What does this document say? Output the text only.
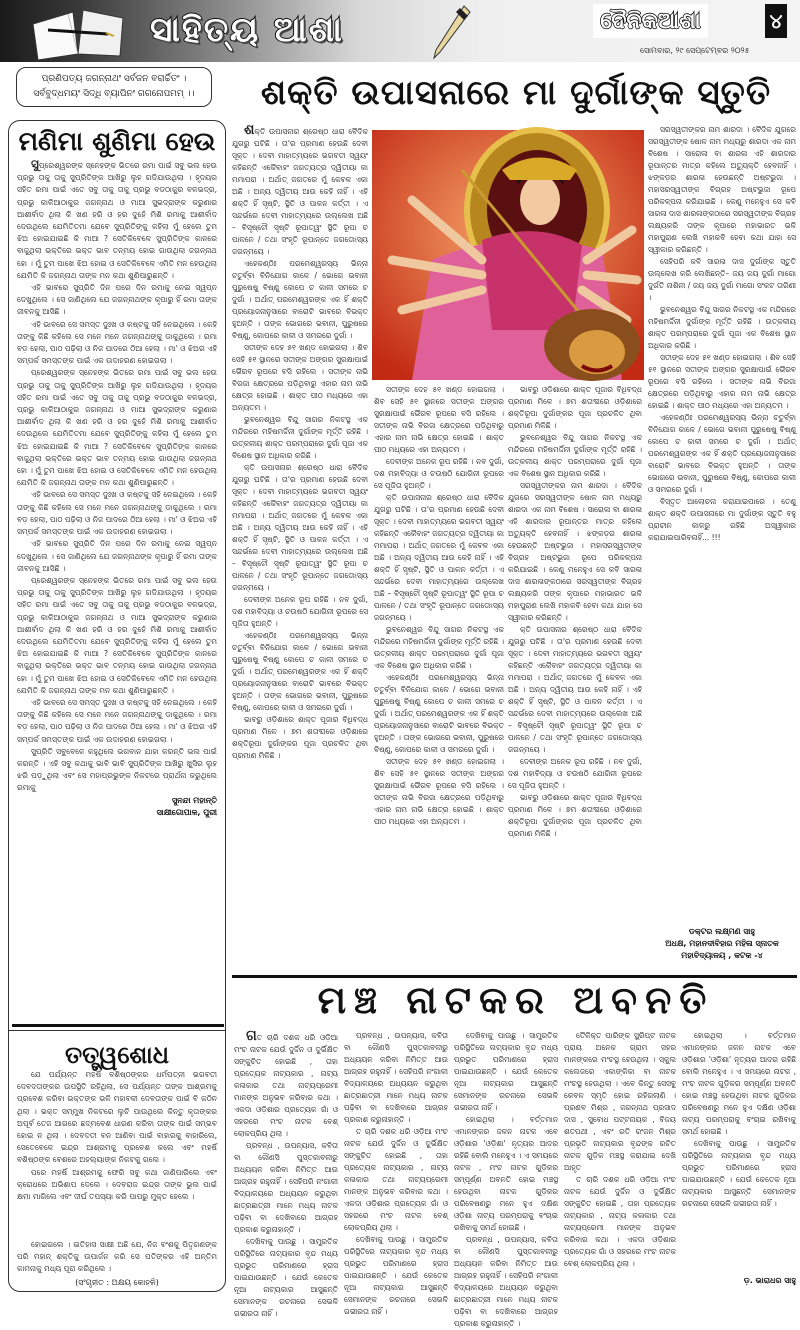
ସାହିତ୍ୟ ଆଶା	ଦୈନିକଆଶା	୪
ସୋମବାର, ୨୯ ସେପ୍ଟେମ୍ବର ୨୦୨୫
ପ୍ରଣିପତ୍ୟ ଜଗନ୍ନାଥଂ ସର୍ବଜନ ବରାର୍ଚ୍ଚିତଂ ।
ସର୍ବବୁଦ୍ଧମୟଂ ସିଦ୍ଧି ବ୍ୟାପିନଂ ଗଗନୋପମମ୍ ।।	ଶକ୍ତି ଉପାସନାରେ ମା ଦୁର୍ଗାଙ୍କ ସ୍ତୁତି
ମଣିମା ଶୁଣିମା ହେଉ

ସୁପ୍ରେଶ୍ୱରଙ୍କ ସ୍ନେହଙ୍କ ଭିତରେ ରମା ପାଇଁ ସବୁ ଭଲ ହେଉ ପ୍ରଭୁ ତାକୁ ତାକୁ ସୁପ୍ରିତିଙ୍କ ଆଖିରୁ ଲୁହ ଗଡିଯାଉଥିଲା । ହୃଦୟର ସହିତ ରମା ପାଇଁ ଏତେ ସବୁ ତାକୁ ତାକୁ ପ୍ରଭୁ ବଡଠାକୁର ବଳଭଦ୍ର, ପ୍ରଭୁ କାଳିଆଠାକୁର ଜଗନ୍ନାଥ ଓ ମାଆ ସୁଭଦ୍ରାଙ୍କ କରୁଣାର ଆଶୀର୍ବାଦ ଥିଲା କି ଖଣ ହରି ଓ ହର ଦୁହେଁ ମିଶି ରମାକୁ ଆଶୀର୍ବାଦ ଦେଉଥିଲେ ଯେମିତିତମା ଯେବେ ସୁପ୍ରିତିଙ୍କୁ କହିଲା ମୁଁ ହେଲେ ତୁମ ଝିଅ ହୋଇଯାଇଛି କି ମାଆ ? ସେତିକିବେଳେ ସୁପ୍ରିତିଙ୍କ କାନରେ ବାଜୁଥିଲା ଭକ୍ତିରେ ଭକ୍ତ ଭାବ ତନ୍ମୟ ହୋଇ ଗାଉଥିଲା ଜଗନ୍ନାଥ ହୋ । ମୁଁ ତୁମ ପାଖେ ଝିଅ ହୋଇ ଓ ସେତିକିବେଳେ ଏମିତି ମନ ହେଉଥିଲା ଯେମିତି କି ଜଗନ୍ନାଥ ତାଙ୍କ ମନ କଥା ଶୁଣିପାରୁଛନ୍ତି ।

ଏହି ଭାବରେ ସୁପ୍ରିତି ଦିନ ପରେ ଦିନ ରମାକୁ ନେଇ ସ୍ୱପ୍ନ ଦେଖୁଥିଲେ । ସେ ଜାଣିଥିଲେ ଯେ ଜଗନ୍ନାଥଙ୍କ କୃପାରୁ ହିଁ ରମା ତାଙ୍କ ଜୀବନକୁ ଆସିଛି ।

ଏହି ଭାବରେ ସେ ସମସ୍ତ ଦୁଃଖ ଓ କଷ୍ଟକୁ ସହି ନେଇଥିଲେ । କେହି ତାଙ୍କୁ କିଛି କହିଲେ ସେ ମନେ ମନେ ଜଗନ୍ନାଥଙ୍କୁ ଡାକୁଥିଲେ । ରମା ବଡ଼ ହେଲା, ପାଠ ପଢ଼ିଲା ଓ ନିଜ ପାଦରେ ଠିଆ ହେଲା । ମା' ଓ ଝିଅର ଏହି ସମ୍ପର୍କ ସମସ୍ତଙ୍କ ପାଇଁ ଏକ ଉଦାହରଣ ହୋଇଗଲା ।

ପ୍ରେଶ୍ୱରଙ୍କ ସ୍ନେହଙ୍କ ଭିତରେ ରମା ପାଇଁ ସବୁ ଭଲ ହେଉ ପ୍ରଭୁ ତାକୁ ତାକୁ ସୁପ୍ରିତିଙ୍କ ଆଖିରୁ ଲୁହ ଗଡିଯାଉଥିଲା । ହୃଦୟର ସହିତ ରମା ପାଇଁ ଏତେ ସବୁ ତାକୁ ତାକୁ ପ୍ରଭୁ ବଡଠାକୁର ବଳଭଦ୍ର, ପ୍ରଭୁ କାଳିଆଠାକୁର ଜଗନ୍ନାଥ ଓ ମାଆ ସୁଭଦ୍ରାଙ୍କ କରୁଣାର ଆଶୀର୍ବାଦ ଥିଲା କି ଖଣ ହରି ଓ ହର ଦୁହେଁ ମିଶି ରମାକୁ ଆଶୀର୍ବାଦ ଦେଉଥିଲେ ଯେମିତିତମା ଯେବେ ସୁପ୍ରିତିଙ୍କୁ କହିଲା ମୁଁ ହେଲେ ତୁମ ଝିଅ ହୋଇଯାଇଛି କି ମାଆ ? ସେତିକିବେଳେ ସୁପ୍ରିତିଙ୍କ କାନରେ ବାଜୁଥିଲା ଭକ୍ତିରେ ଭକ୍ତ ଭାବ ତନ୍ମୟ ହୋଇ ଗାଉଥିଲା ଜଗନ୍ନାଥ ହୋ । ମୁଁ ତୁମ ପାଖେ ଝିଅ ହୋଇ ଓ ସେତିକିବେଳେ ଏମିତି ମନ ହେଉଥିଲା ଯେମିତି କି ଜଗନ୍ନାଥ ତାଙ୍କ ମନ କଥା ଶୁଣିପାରୁଛନ୍ତି ।

ଏହି ଭାବରେ ସେ ସମସ୍ତ ଦୁଃଖ ଓ କଷ୍ଟକୁ ସହି ନେଇଥିଲେ । କେହି ତାଙ୍କୁ କିଛି କହିଲେ ସେ ମନେ ମନେ ଜଗନ୍ନାଥଙ୍କୁ ଡାକୁଥିଲେ । ରମା ବଡ଼ ହେଲା, ପାଠ ପଢ଼ିଲା ଓ ନିଜ ପାଦରେ ଠିଆ ହେଲା । ମା' ଓ ଝିଅର ଏହି ସମ୍ପର୍କ ସମସ୍ତଙ୍କ ପାଇଁ ଏକ ଉଦାହରଣ ହୋଇଗଲା ।

ଏହି ଭାବରେ ସୁପ୍ରିତି ଦିନ ପରେ ଦିନ ରମାକୁ ନେଇ ସ୍ୱପ୍ନ ଦେଖୁଥିଲେ । ସେ ଜାଣିଥିଲେ ଯେ ଜଗନ୍ନାଥଙ୍କ କୃପାରୁ ହିଁ ରମା ତାଙ୍କ ଜୀବନକୁ ଆସିଛି ।

ପ୍ରେଶ୍ୱରଙ୍କ ସ୍ନେହଙ୍କ ଭିତରେ ରମା ପାଇଁ ସବୁ ଭଲ ହେଉ ପ୍ରଭୁ ତାକୁ ତାକୁ ସୁପ୍ରିତିଙ୍କ ଆଖିରୁ ଲୁହ ଗଡିଯାଉଥିଲା । ହୃଦୟର ସହିତ ରମା ପାଇଁ ଏତେ ସବୁ ତାକୁ ତାକୁ ପ୍ରଭୁ ବଡଠାକୁର ବଳଭଦ୍ର, ପ୍ରଭୁ କାଳିଆଠାକୁର ଜଗନ୍ନାଥ ଓ ମାଆ ସୁଭଦ୍ରାଙ୍କ କରୁଣାର ଆଶୀର୍ବାଦ ଥିଲା କି ଖଣ ହରି ଓ ହର ଦୁହେଁ ମିଶି ରମାକୁ ଆଶୀର୍ବାଦ ଦେଉଥିଲେ ଯେମିତିତମା ଯେବେ ସୁପ୍ରିତିଙ୍କୁ କହିଲା ମୁଁ ହେଲେ ତୁମ ଝିଅ ହୋଇଯାଇଛି କି ମାଆ ? ସେତିକିବେଳେ ସୁପ୍ରିତିଙ୍କ କାନରେ ବାଜୁଥିଲା ଭକ୍ତିରେ ଭକ୍ତ ଭାବ ତନ୍ମୟ ହୋଇ ଗାଉଥିଲା ଜଗନ୍ନାଥ ହୋ । ମୁଁ ତୁମ ପାଖେ ଝିଅ ହୋଇ ଓ ସେତିକିବେଳେ ଏମିତି ମନ ହେଉଥିଲା ଯେମିତି କି ଜଗନ୍ନାଥ ତାଙ୍କ ମନ କଥା ଶୁଣିପାରୁଛନ୍ତି ।

ଏହି ଭାବରେ ସେ ସମସ୍ତ ଦୁଃଖ ଓ କଷ୍ଟକୁ ସହି ନେଇଥିଲେ । କେହି ତାଙ୍କୁ କିଛି କହିଲେ ସେ ମନେ ମନେ ଜଗନ୍ନାଥଙ୍କୁ ଡାକୁଥିଲେ । ରମା ବଡ଼ ହେଲା, ପାଠ ପଢ଼ିଲା ଓ ନିଜ ପାଦରେ ଠିଆ ହେଲା । ମା' ଓ ଝିଅର ଏହି ସମ୍ପର୍କ ସମସ୍ତଙ୍କ ପାଇଁ ଏକ ଉଦାହରଣ ହୋଇଗଲା ।

ସୁପ୍ରିତି ସବୁବେଳେ କହୁଥିଲେ ଭଗବାନ ଯାହା କରନ୍ତି ଭଲ ପାଇଁ କରନ୍ତି । ଏହି ସବୁ କଥାକୁ ଭାବି ଭାବି ସୁପ୍ରିତିଙ୍କ ଆଖିରୁ ଖୁସିର ଲୁହ ଝରି ପଡ଼ୁଥିଲା ଏବଂ ସେ ମହାପ୍ରଭୁଙ୍କ ନିକଟରେ ପ୍ରାର୍ଥନା କରୁଥିଲେ ରମାକୁ

ସୁନନ୍ଦା ମହାନ୍ତି
ସାକ୍ଷୀଗୋପାଳ, ପୁରୀ
ତତ୍ତ୍ୱଶୋଧ

ଯେ ପର୍ଯ୍ୟନ୍ତ ମହର୍ଷି ବଶିଷ୍ଠଙ୍କର ଧର୍ମପତ୍ନୀ ଭଗବତୀ ଦେବଦତାଙ୍କର ଉପସ୍ଥିତି ରହିଥିଲା, ସେ ପର୍ଯ୍ୟନ୍ତ ତାଙ୍କ ଆଶ୍ରମକୁ ପ୍ରବେଶ କରିବା ଭକ୍ତଙ୍କ ଭଳି ମହାବଳୀ ଦେବତାଙ୍କ ପାଇଁ ବି କଠିନ ଥିଲା । ଭକ୍ତ ସମ୍ମୁଖ ନିକଟରେ ଲୁଚି ପାଉଥିଲେ କିନ୍ତୁ କୃତାଙ୍କର ଅପୂର୍ବ ତେଜ ଆଗରେ ଛଦ୍ମବେଶ ଧାରଣ କରିବା ତାଙ୍କ ପାଇଁ ସମ୍ଭବ ହୋଇ ନ ଥିଲା । ଦେବଦତୀ ବନ ଆଣିବା ପାଇଁ ବାହାରକୁ ବାହାରିଲେ, ସେତେବେଳେ ଇନ୍ଦ୍ର ଆଶ୍ରମକୁ ପ୍ରବେଶ କଲେ ଏବଂ ମହର୍ଷି ବଶିଷ୍ଠଙ୍କ ବେଶରେ ଅହଲ୍ୟାଙ୍କ ନିକଟକୁ ଗଲେ ।

ପରେ ମହର୍ଷି ଆଶ୍ରମକୁ ଫେରି ସବୁ କଥା ଜାଣିପାରିଲେ ଏବଂ କ୍ରୋଧରେ ଅଭିଶାପ ଦେଲେ । ଦେବରାଜ ଇନ୍ଦ୍ର ତାଙ୍କ ଭୁଲ ପାଇଁ କ୍ଷମା ମାଗିଲେ ଏବଂ ଦୀର୍ଘ ତପସ୍ୟା କରି ପାପରୁ ମୁକ୍ତ ହେଲେ ।

ହୋଇଗଲେ । ଇତିହାସ ସାକ୍ଷୀ ଅଛି ଯେ, ନିଜ ବଂଶକୁ ପିତୃଗଣଙ୍କ ପରି ମହାନ୍ ଶକ୍ତିକୁ ଉପାର୍ଜନ କରି ସେ ପତିଙ୍କର ଏହି ଅନ୍ତିମ କାମନାକୁ ମଧ୍ୟ ପୂରା କରିଥିଲେ ।

(ସଂଗୃହୀତ : ଅକ୍ଷୟ କୋହଳି)

ଶକ୍ତି ଉପାସନାର ଶ୍ରେଷ୍ଠ ଧାରା ବୈଦିକ ଯୁଗରୁ ଘଟିଛି । ତା'ର ପ୍ରମାଣ ହେଉଛି ଦେବୀ ସୂକ୍ତ । ଦେବୀ ମାହାତ୍ମ୍ୟରେ ଭଗବତୀ ସ୍ୱୟଂ କହିଛନ୍ତି ଏକୈବାହଂ ଜଗତ୍ୟତ୍ର ଦ୍ୱିତୀୟା କା ମମାପରା । ଅର୍ଥାତ୍ ଜଗତରେ ମୁଁ କେବଳ ଏକା ଅଛି । ଅନ୍ୟ ଦ୍ୱିତୀୟ ଆଉ କେହି ନାହିଁ । ଏହି ଶକ୍ତି ହିଁ ସୃଷ୍ଟି, ସ୍ଥିତି ଓ ପାଳନ କର୍ତ୍ତୀ । ଏ ସନ୍ଦର୍ଭରେ ଦେବୀ ମାହାତ୍ମ୍ୟରେ ଉଲ୍ଲେଖ ଅଛି – ବିସୃଷ୍ଟୌ ସୃଷ୍ଟି ରୂପାତ୍ୱଂ ସ୍ଥିତି ରୂପା ଚ ପାଳନେ / ତଥା ସଂହୃତି ରୂପାନ୍ତେ ଜଗତୋଽସ୍ୟ ଜଗନ୍ମୟେ ।

ଏହେକଣ୍ଠିଃ ପରମେଶ୍ୱରସ୍ୟ ଭିନ୍ନା ଚତୁର୍ବ୍ବା ବିନିଯୋଗ କାଳେ / ଭୋଗେ ଭବାନୀ ପୁରୁଷେଷୁ ବିଷ୍ଣୁ କୋପେ ଚ କାଳୀ ସମରେ ଚ ଦୁର୍ଗା । ଅର୍ଥାତ୍ ପରମେଶ୍ୱରଙ୍କ ଏକ ହିଁ ଶକ୍ତି ପ୍ରୟୋଜନାନୁସାରେ ବାରୋଟି ଭାବରେ ବିଭକ୍ତ ହୁଅନ୍ତି । ତାଙ୍କ ଭୋଗରେ ଭବାନୀ, ପୁରୁଷରେ ବିଷ୍ଣୁ, କୋପରେ କାଳୀ ଓ ସମରରେ ଦୁର୍ଗା ।

ସତୀଙ୍କ ଦେହ ୫୧ ଖଣ୍ଡ ହୋଇଗଲା । ଶିବ ସେହି ୫୧ ସ୍ଥାନରେ ସତୀଙ୍କ ଅଙ୍ଗର ସୁରକ୍ଷାପାଇଁ ଭୈରବ ରୂପରେ ବସି ରହିଲେ । ସତୀଙ୍କ ନାଭି ବିରଜା କ୍ଷେତ୍ରରେ ପଡ଼ିଥିବାରୁ ଏହାର ନାମ ନାଭି କ୍ଷେତ୍ର ହୋଇଛି । ଶାକ୍ତ ପୀଠ ମଧ୍ୟରେ ଏହା ଅନ୍ୟତମ ।

ଭୁବନେଶ୍ୱର ବିନ୍ଦୁ ସାଗର ନିକଟସ୍ଥ ଏକ ମନ୍ଦିରରେ ମହିଷମର୍ଦ୍ଦିନୀ ଦୁର୍ଗାଙ୍କ ମୂର୍ତ୍ତି ରହିଛି । ଉତ୍କଳୀୟ ଶାକ୍ତ ପରମ୍ପରାରେ ଦୁର୍ଗା ପୂଜା ଏକ ବିଶେଷ ସ୍ଥାନ ଅଧିକାର କରିଛି ।

କ୍ତି ଉପାସନାର ଶ୍ରେଷ୍ଠ ଧାରା ବୈଦିକ ଯୁଗରୁ ଘଟିଛି । ତା'ର ପ୍ରମାଣ ହେଉଛି ଦେବୀ ସୂକ୍ତ । ଦେବୀ ମାହାତ୍ମ୍ୟରେ ଭଗବତୀ ସ୍ୱୟଂ କହିଛନ୍ତି ଏକୈବାହଂ ଜଗତ୍ୟତ୍ର ଦ୍ୱିତୀୟା କା ମମାପରା । ଅର୍ଥାତ୍ ଜଗତରେ ମୁଁ କେବଳ ଏକା ଅଛି । ଅନ୍ୟ ଦ୍ୱିତୀୟ ଆଉ କେହି ନାହିଁ । ଏହି ଶକ୍ତି ହିଁ ସୃଷ୍ଟି, ସ୍ଥିତି ଓ ପାଳନ କର୍ତ୍ତୀ । ଏ ସନ୍ଦର୍ଭରେ ଦେବୀ ମାହାତ୍ମ୍ୟରେ ଉଲ୍ଲେଖ ଅଛି – ବିସୃଷ୍ଟୌ ସୃଷ୍ଟି ରୂପାତ୍ୱଂ ସ୍ଥିତି ରୂପା ଚ ପାଳନେ / ତଥା ସଂହୃତି ରୂପାନ୍ତେ ଜଗତୋଽସ୍ୟ ଜଗନ୍ମୟେ ।

ଦେବୀଙ୍କ ଅନେକ ରୂପ ରହିଛି । ନବ ଦୁର୍ଗା, ଦଶ ମହାବିଦ୍ୟା ଓ ଚଉଷଠି ଯୋଗିନୀ ରୂପରେ ସେ ପୂଜିତା ହୁଅନ୍ତି ।

ଏହେକଣ୍ଠିଃ ପରମେଶ୍ୱରସ୍ୟ ଭିନ୍ନା ଚତୁର୍ବ୍ବା ବିନିଯୋଗ କାଳେ / ଭୋଗେ ଭବାନୀ ପୁରୁଷେଷୁ ବିଷ୍ଣୁ କୋପେ ଚ କାଳୀ ସମରେ ଚ ଦୁର୍ଗା । ଅର୍ଥାତ୍ ପରମେଶ୍ୱରଙ୍କ ଏକ ହିଁ ଶକ୍ତି ପ୍ରୟୋଜନାନୁସାରେ ବାରୋଟି ଭାବରେ ବିଭକ୍ତ ହୁଅନ୍ତି । ତାଙ୍କ ଭୋଗରେ ଭବାନୀ, ପୁରୁଷରେ ବିଷ୍ଣୁ, କୋପରେ କାଳୀ ଓ ସମରରେ ଦୁର୍ଗା ।

ଭାବରୁ ଓଡ଼ିଶାରେ ଶାକ୍ତ ପୂଜାର ବିଧିବଦ୍ଧ ପ୍ରମାଣ ମିଳେ । ୭ମ ଶତାବ୍ଦୀରେ ଓଡ଼ିଶାରେ ଶକ୍ତିରୂପା ଦୁର୍ଗାଙ୍କର ପୂଜା ପ୍ରଚଳିତ ଥିବା ପ୍ରମାଣ ମିଳିଛି ।

ସତୀଙ୍କ ଦେହ ୫୧ ଖଣ୍ଡ ହୋଇଗଲା । ଶିବ ସେହି ୫୧ ସ୍ଥାନରେ ସତୀଙ୍କ ଅଙ୍ଗର ସୁରକ୍ଷାପାଇଁ ଭୈରବ ରୂପରେ ବସି ରହିଲେ । ସତୀଙ୍କ ନାଭି ବିରଜା କ୍ଷେତ୍ରରେ ପଡ଼ିଥିବାରୁ ଏହାର ନାମ ନାଭି କ୍ଷେତ୍ର ହୋଇଛି । ଶାକ୍ତ ପୀଠ ମଧ୍ୟରେ ଏହା ଅନ୍ୟତମ ।

ଦେବୀଙ୍କ ଅନେକ ରୂପ ରହିଛି । ନବ ଦୁର୍ଗା, ଦଶ ମହାବିଦ୍ୟା ଓ ଚଉଷଠି ଯୋଗିନୀ ରୂପରେ ସେ ପୂଜିତା ହୁଅନ୍ତି ।

କ୍ତି ଉପାସନାର ଶ୍ରେଷ୍ଠ ଧାରା ବୈଦିକ ଯୁଗରୁ ଘଟିଛି । ତା'ର ପ୍ରମାଣ ହେଉଛି ଦେବୀ ସୂକ୍ତ । ଦେବୀ ମାହାତ୍ମ୍ୟରେ ଭଗବତୀ ସ୍ୱୟଂ କହିଛନ୍ତି ଏକୈବାହଂ ଜଗତ୍ୟତ୍ର ଦ୍ୱିତୀୟା କା ମମାପରା । ଅର୍ଥାତ୍ ଜଗତରେ ମୁଁ କେବଳ ଏକା ଅଛି । ଅନ୍ୟ ଦ୍ୱିତୀୟ ଆଉ କେହି ନାହିଁ । ଏହି ଶକ୍ତି ହିଁ ସୃଷ୍ଟି, ସ୍ଥିତି ଓ ପାଳନ କର୍ତ୍ତୀ । ଏ ସନ୍ଦର୍ଭରେ ଦେବୀ ମାହାତ୍ମ୍ୟରେ ଉଲ୍ଲେଖ ଅଛି – ବିସୃଷ୍ଟୌ ସୃଷ୍ଟି ରୂପାତ୍ୱଂ ସ୍ଥିତି ରୂପା ଚ ପାଳନେ / ତଥା ସଂହୃତି ରୂପାନ୍ତେ ଜଗତୋଽସ୍ୟ ଜଗନ୍ମୟେ ।

ଭୁବନେଶ୍ୱର ବିନ୍ଦୁ ସାଗର ନିକଟସ୍ଥ ଏକ ମନ୍ଦିରରେ ମହିଷମର୍ଦ୍ଦିନୀ ଦୁର୍ଗାଙ୍କ ମୂର୍ତ୍ତି ରହିଛି । ଉତ୍କଳୀୟ ଶାକ୍ତ ପରମ୍ପରାରେ ଦୁର୍ଗା ପୂଜା ଏକ ବିଶେଷ ସ୍ଥାନ ଅଧିକାର କରିଛି ।

ଏହେକଣ୍ଠିଃ ପରମେଶ୍ୱରସ୍ୟ ଭିନ୍ନା ଚତୁର୍ବ୍ବା ବିନିଯୋଗ କାଳେ / ଭୋଗେ ଭବାନୀ ପୁରୁଷେଷୁ ବିଷ୍ଣୁ କୋପେ ଚ କାଳୀ ସମରେ ଚ ଦୁର୍ଗା । ଅର୍ଥାତ୍ ପରମେଶ୍ୱରଙ୍କ ଏକ ହିଁ ଶକ୍ତି ପ୍ରୟୋଜନାନୁସାରେ ବାରୋଟି ଭାବରେ ବିଭକ୍ତ ହୁଅନ୍ତି । ତାଙ୍କ ଭୋଗରେ ଭବାନୀ, ପୁରୁଷରେ ବିଷ୍ଣୁ, କୋପରେ କାଳୀ ଓ ସମରରେ ଦୁର୍ଗା ।

ସତୀଙ୍କ ଦେହ ୫୧ ଖଣ୍ଡ ହୋଇଗଲା । ଶିବ ସେହି ୫୧ ସ୍ଥାନରେ ସତୀଙ୍କ ଅଙ୍ଗର ସୁରକ୍ଷାପାଇଁ ଭୈରବ ରୂପରେ ବସି ରହିଲେ । ସତୀଙ୍କ ନାଭି ବିରଜା କ୍ଷେତ୍ରରେ ପଡ଼ିଥିବାରୁ ଏହାର ନାମ ନାଭି କ୍ଷେତ୍ର ହୋଇଛି । ଶାକ୍ତ ପୀଠ ମଧ୍ୟରେ ଏହା ଅନ୍ୟତମ ।

ଭାବରୁ ଓଡ଼ିଶାରେ ଶାକ୍ତ ପୂଜାର ବିଧିବଦ୍ଧ ପ୍ରମାଣ ମିଳେ । ୭ମ ଶତାବ୍ଦୀରେ ଓଡ଼ିଶାରେ ଶକ୍ତିରୂପା ଦୁର୍ଗାଙ୍କର ପୂଜା ପ୍ରଚଳିତ ଥିବା ପ୍ରମାଣ ମିଳିଛି ।

ଭୁବନେଶ୍ୱର ବିନ୍ଦୁ ସାଗର ନିକଟସ୍ଥ ଏକ ମନ୍ଦିରରେ ମହିଷମର୍ଦ୍ଦିନୀ ଦୁର୍ଗାଙ୍କ ମୂର୍ତ୍ତି ରହିଛି । ଉତ୍କଳୀୟ ଶାକ୍ତ ପରମ୍ପରାରେ ଦୁର୍ଗା ପୂଜା ଏକ ବିଶେଷ ସ୍ଥାନ ଅଧିକାର କରିଛି ।

ସରସ୍ୱତୀଙ୍କର ନାମ ଶାରଦା । ବୈଦିକ ଯୁଗରେ ସରସ୍ୱତୀଙ୍କ ଷୋଳ ନାମ ମଧ୍ୟରୁ ଶାରଦା ଏକ ନାମ ବିଶେଷ । ସାରୋଳା ବା ଶାରଳା ଏହି ଶାରଦାର ରୂପାନ୍ତର ମାତ୍ର କହିଲେ ଅତ୍ୟୁକ୍ତି ହେବନାହିଁ । ଝଙ୍କଡ଼ର ଶାରଳା ହେଉଛନ୍ତି ଅଷ୍ଟଭୁଜା । ମହାସରସ୍ୱତୀଙ୍କ ବିଗ୍ରହ ଅଷ୍ଟଭୁଜା ରୂପେ ପରିକଳ୍ପନା କରିଯାଇଛି । କେଣୁ ମନେହୁଏ ସେ କବି ସାରଳା ଦାସ ଶାରଳାଙ୍କଠାରେ ସରସ୍ୱତୀଙ୍କ ବିଗ୍ରହ ଲକ୍ଷ୍ୟକରି ତାଙ୍କ କୃପାରେ ମହାଭାରତ ଭଳି ମହାପୁରାଣ ଲେଖି ମହାକବି ହେବା କଥା ଯାହା ସେ ସ୍ୱୀକାର କରିଛନ୍ତି ।

କ୍ତି ଉପାସନାର ଶ୍ରେଷ୍ଠ ଧାରା ବୈଦିକ ଯୁଗରୁ ଘଟିଛି । ତା'ର ପ୍ରମାଣ ହେଉଛି ଦେବୀ ସୂକ୍ତ । ଦେବୀ ମାହାତ୍ମ୍ୟରେ ଭଗବତୀ ସ୍ୱୟଂ କହିଛନ୍ତି ଏକୈବାହଂ ଜଗତ୍ୟତ୍ର ଦ୍ୱିତୀୟା କା ମମାପରା । ଅର୍ଥାତ୍ ଜଗତରେ ମୁଁ କେବଳ ଏକା ଅଛି । ଅନ୍ୟ ଦ୍ୱିତୀୟ ଆଉ କେହି ନାହିଁ । ଏହି ଶକ୍ତି ହିଁ ସୃଷ୍ଟି, ସ୍ଥିତି ଓ ପାଳନ କର୍ତ୍ତୀ । ଏ ସନ୍ଦର୍ଭରେ ଦେବୀ ମାହାତ୍ମ୍ୟରେ ଉଲ୍ଲେଖ ଅଛି – ବିସୃଷ୍ଟୌ ସୃଷ୍ଟି ରୂପାତ୍ୱଂ ସ୍ଥିତି ରୂପା ଚ ପାଳନେ / ତଥା ସଂହୃତି ରୂପାନ୍ତେ ଜଗତୋଽସ୍ୟ ଜଗନ୍ମୟେ ।

ଦେବୀଙ୍କ ଅନେକ ରୂପ ରହିଛି । ନବ ଦୁର୍ଗା, ଦଶ ମହାବିଦ୍ୟା ଓ ଚଉଷଠି ଯୋଗିନୀ ରୂପରେ ସେ ପୂଜିତା ହୁଅନ୍ତି ।

ଭାବରୁ ଓଡ଼ିଶାରେ ଶାକ୍ତ ପୂଜାର ବିଧିବଦ୍ଧ ପ୍ରମାଣ ମିଳେ । ୭ମ ଶତାବ୍ଦୀରେ ଓଡ଼ିଶାରେ ଶକ୍ତିରୂପା ଦୁର୍ଗାଙ୍କର ପୂଜା ପ୍ରଚଳିତ ଥିବା ପ୍ରମାଣ ମିଳିଛି ।

ସରସ୍ୱତୀଙ୍କର ନାମ ଶାରଦା । ବୈଦିକ ଯୁଗରେ ସରସ୍ୱତୀଙ୍କ ଷୋଳ ନାମ ମଧ୍ୟରୁ ଶାରଦା ଏକ ନାମ ବିଶେଷ । ସାରୋଳା ବା ଶାରଳା ଏହି ଶାରଦାର ରୂପାନ୍ତର ମାତ୍ର କହିଲେ ଅତ୍ୟୁକ୍ତି ହେବନାହିଁ । ଝଙ୍କଡ଼ର ଶାରଳା ହେଉଛନ୍ତି ଅଷ୍ଟଭୁଜା । ମହାସରସ୍ୱତୀଙ୍କ ବିଗ୍ରହ ଅଷ୍ଟଭୁଜା ରୂପେ ପରିକଳ୍ପନା କରିଯାଇଛି । କେଣୁ ମନେହୁଏ ସେ କବି ସାରଳା ଦାସ ଶାରଳାଙ୍କଠାରେ ସରସ୍ୱତୀଙ୍କ ବିଗ୍ରହ ଲକ୍ଷ୍ୟକରି ତାଙ୍କ କୃପାରେ ମହାଭାରତ ଭଳି ମହାପୁରାଣ ଲେଖି ମହାକବି ହେବା କଥା ଯାହା ସେ ସ୍ୱୀକାର କରିଛନ୍ତି ।

ସେହିପରି କବି ସାରଳା ଦାସ ଦୁର୍ଗାଙ୍କ ସ୍ତୁତି ଉଲ୍ଲେଖ କରି ଲେଖିଛନ୍ତି– ଜୟ ଜୟ ଦୁର୍ଗା ମାଗୋ ଦୁର୍ଗତି ନାଶିନୀ / ଜୟ ଜୟ ଦୁର୍ଗା ମାଗୋ ସଂକଟ ତାରିଣୀ ।

ଭୁବନେଶ୍ୱର ବିନ୍ଦୁ ସାଗର ନିକଟସ୍ଥ ଏକ ମନ୍ଦିରରେ ମହିଷମର୍ଦ୍ଦିନୀ ଦୁର୍ଗାଙ୍କ ମୂର୍ତ୍ତି ରହିଛି । ଉତ୍କଳୀୟ ଶାକ୍ତ ପରମ୍ପରାରେ ଦୁର୍ଗା ପୂଜା ଏକ ବିଶେଷ ସ୍ଥାନ ଅଧିକାର କରିଛି ।

ସତୀଙ୍କ ଦେହ ୫୧ ଖଣ୍ଡ ହୋଇଗଲା । ଶିବ ସେହି ୫୧ ସ୍ଥାନରେ ସତୀଙ୍କ ଅଙ୍ଗର ସୁରକ୍ଷାପାଇଁ ଭୈରବ ରୂପରେ ବସି ରହିଲେ । ସତୀଙ୍କ ନାଭି ବିରଜା କ୍ଷେତ୍ରରେ ପଡ଼ିଥିବାରୁ ଏହାର ନାମ ନାଭି କ୍ଷେତ୍ର ହୋଇଛି । ଶାକ୍ତ ପୀଠ ମଧ୍ୟରେ ଏହା ଅନ୍ୟତମ ।

ଏହେକଣ୍ଠିଃ ପରମେଶ୍ୱରସ୍ୟ ଭିନ୍ନା ଚତୁର୍ବ୍ବା ବିନିଯୋଗ କାଳେ / ଭୋଗେ ଭବାନୀ ପୁରୁଷେଷୁ ବିଷ୍ଣୁ କୋପେ ଚ କାଳୀ ସମରେ ଚ ଦୁର୍ଗା । ଅର୍ଥାତ୍ ପରମେଶ୍ୱରଙ୍କ ଏକ ହିଁ ଶକ୍ତି ପ୍ରୟୋଜନାନୁସାରେ ବାରୋଟି ଭାବରେ ବିଭକ୍ତ ହୁଅନ୍ତି । ତାଙ୍କ ଭୋଗରେ ଭବାନୀ, ପୁରୁଷରେ ବିଷ୍ଣୁ, କୋପରେ କାଳୀ ଓ ସମରରେ ଦୁର୍ଗା ।

ବିସ୍ତୃତ ଆଲୋଚନା କରାଯାଇପାରେ । ତେଣୁ ଶାକ୍ତ ଶକ୍ତି ଉପାସନାରେ ମା ଦୁର୍ଗାଙ୍କ ସ୍ତୁତି ବହୁ ପ୍ରାଚୀନ କାଳରୁ ରହିଛି ଅସ୍ୱୀକାର କରାଯାଇପାରିବନାହିଁ... !!!

ଡକ୍ଟର ଲକ୍ଷ୍ମଣ ସାହୁ
ଅଧକ୍ଷ, ମହାନଦୀବିହାର ମହିଳା ସ୍ନାତକ
ମହାବିଦ୍ୟାଳୟ , କଟକ -୪
ମଞ୍ଚ ନାଟକର ଅବନତି

ଗତ ଚାରି ଦଶକ ଧରି ଓଡ଼ିଆ ମଂଚ ନାଟକ ଯେଉଁ ଦୁର୍ଦ୍ଦିନ ଓ ଦୁର୍ଭିକ୍ଷିତ ସଙ୍କୁଚିତ ହୋଇଛି , ତାହା ପ୍ରତ୍ୟେକ ନାଟ୍ୟକାର , ନାଟ୍ୟ କଳାକାର ତଥା ନାଟ୍ୟପ୍ରେମୀ ମାନଙ୍କ ଅନୁଭବ କରିବାର କଥା । ଏକଦା ଓଡ଼ିଶାର ପ୍ରତ୍ୟେକ ଗାଁ ଓ ସହରରେ ମଂଚ ନାଟକ ବେଶ୍ ଲୋକପ୍ରିୟ ଥିଲା ।

ପ୍ରବନ୍ଧ , ଉପନ୍ୟାସ, କବିତା ବା କୌଣସି ପୁସ୍ତକାବଳୀରୁ ଅଧ୍ୟୟନ କରିବା ନିମିତ୍ତ ଆଉ ଆଗ୍ରହ ରହୁନାହିଁ । ସେହିପରି ନଂଗାଳୀ ବିଦ୍ୟାଳୟରେ ଅଧ୍ୟୟନ କରୁଥିବା ଛାତ୍ରଛାତ୍ରୀ ମାନେ ମଧ୍ୟ ନାଟକ ପଢ଼ିବା ବା ଦେଖିବାରେ ଆଗ୍ରହ ପ୍ରକାଶ କରୁନାହାନ୍ତି ।

ଦେଖିବାକୁ ପାଉଛୁ । ସାମ୍ପ୍ରତିକ ପରିସ୍ଥିତିରେ ନାଟ୍ୟକାର ବୃନ୍ଦ ମଧ୍ୟ ପ୍ରଭୁତ ପରିମାଣରେ ହ୍ରାସ ପାଇଯାଉଛନ୍ତି । ଯେଉଁ କେତେକ ନୂଆ ନାଟ୍ୟକାର ଆସୁଛନ୍ତି ସେମାନଙ୍କ ରଚନାରେ ସେଭଳି ଗଭୀରତା ନାହିଁ ।

ପ୍ରବନ୍ଧ , ଉପନ୍ୟାସ, କବିତା ବା କୌଣସି ପୁସ୍ତକାବଳୀରୁ ଅଧ୍ୟୟନ କରିବା ନିମିତ୍ତ ଆଉ ଆଗ୍ରହ ରହୁନାହିଁ । ସେହିପରି ନଂଗାଳୀ ବିଦ୍ୟାଳୟରେ ଅଧ୍ୟୟନ କରୁଥିବା ଛାତ୍ରଛାତ୍ରୀ ମାନେ ମଧ୍ୟ ନାଟକ ପଢ଼ିବା ବା ଦେଖିବାରେ ଆଗ୍ରହ ପ୍ରକାଶ କରୁନାହାନ୍ତି ।

ତ ଚାରି ଦଶକ ଧରି ଓଡ଼ିଆ ମଂଚ ନାଟକ ଯେଉଁ ଦୁର୍ଦ୍ଦିନ ଓ ଦୁର୍ଭିକ୍ଷିତ ସଙ୍କୁଚିତ ହୋଇଛି , ତାହା ପ୍ରତ୍ୟେକ ନାଟ୍ୟକାର , ନାଟ୍ୟ କଳାକାର ତଥା ନାଟ୍ୟପ୍ରେମୀ ମାନଙ୍କ ଅନୁଭବ କରିବାର କଥା । ଏକଦା ଓଡ଼ିଶାର ପ୍ରତ୍ୟେକ ଗାଁ ଓ ସହରରେ ମଂଚ ନାଟକ ବେଶ୍ ଲୋକପ୍ରିୟ ଥିଲା ।

ଦେଖିବାକୁ ପାଉଛୁ । ସାମ୍ପ୍ରତିକ ପରିସ୍ଥିତିରେ ନାଟ୍ୟକାର ବୃନ୍ଦ ମଧ୍ୟ ପ୍ରଭୁତ ପରିମାଣରେ ହ୍ରାସ ପାଇଯାଉଛନ୍ତି । ଯେଉଁ କେତେକ ନୂଆ ନାଟ୍ୟକାର ଆସୁଛନ୍ତି ସେମାନଙ୍କ ରଚନାରେ ସେଭଳି ଗଭୀରତା ନାହିଁ ।

ଦେଖିବାକୁ ପାଉଛୁ । ସାମ୍ପ୍ରତିକ ପରିସ୍ଥିତିରେ ନାଟ୍ୟକାର ବୃନ୍ଦ ମଧ୍ୟ ପ୍ରଭୁତ ପରିମାଣରେ ହ୍ରାସ ପାଇଯାଉଛନ୍ତି । ଯେଉଁ କେତେକ ନୂଆ ନାଟ୍ୟକାର ଆସୁଛନ୍ତି ସେମାନଙ୍କ ରଚନାରେ ସେଭଳି ଗଭୀରତା ନାହିଁ ।

ହୋଇଥିଲା । ବର୍ତ୍ତମାନ ଏମାନଙ୍କର ଜଳନ ନାଟକ ଏବେ ଓଡ଼ିଶାର 'ଓଡ଼ିଶା' ନୃତ୍ୟର ଆଦର ରହିଛି ବୋଲି ମନେହୁଏ । ଏ ସମୟରେ ନାଟକ , ମଂଚ ନାଟକ ଗୁଡ଼ିକର ସମ୍ପୂର୍ଣ୍ଣ ଅବନତି ହୋଇ ମଞ୍ଚସ୍ଥ ହେଉଥିବା ନାଟକ ଗୁଡ଼ିକର ପରିବେଷଣରୁ ମନେ ହୁଏ ଦକ୍ଷିଣ ଓଡ଼ିଶା ନାଟ୍ୟ ପରମ୍ପରାକୁ ବଂଚାଇ ରଖିବାକୁ ସମର୍ଥ ହୋଇଛି ।

ପ୍ରବନ୍ଧ , ଉପନ୍ୟାସ, କବିତା ବା କୌଣସି ପୁସ୍ତକାବଳୀରୁ ଅଧ୍ୟୟନ କରିବା ନିମିତ୍ତ ଆଉ ଆଗ୍ରହ ରହୁନାହିଁ । ସେହିପରି ନଂଗାଳୀ ବିଦ୍ୟାଳୟରେ ଅଧ୍ୟୟନ କରୁଥିବା ଛାତ୍ରଛାତ୍ରୀ ମାନେ ମଧ୍ୟ ନାଟକ ପଢ଼ିବା ବା ଦେଖିବାରେ ଆଗ୍ରହ ପ୍ରକାଶ କରୁନାହାନ୍ତି ।

ତୈଳିକ୍ତ ପାରିଙ୍କ ସ୍କ୍ରିପ୍ଟ ନାଟକ ପ୍ରାୟ ଅନେକ ଗ୍ରାମ ସହର ମାନଙ୍କରେ ମଂଚସ୍ଥ ହେଉଥିଲା । ସ୍କୁଲ କଲେଜରେ ଏକାଙ୍କିକା ବା ନାଟକ ମଂଚସ୍ଥ ହେଉଥିଲା । ଏବେ କିନ୍ତୁ ସେସବୁ କେବଳ ସ୍ମୃତି ହୋଇ ରହିଗଲାଣି । ପ୍ରଣବ ମିଶ୍ର , ଜଗନ୍ନାଥ ପ୍ରସାଦ ଦାସ , ସୁବୋଧ ପଟ୍ଟନାୟକ , ବିଜୟ ଶତପଥୀ , ଏବଂ ରତି ରଂଜନ ମିଶ୍ର ପ୍ରଭୃତି ନାଟ୍ୟକାର ବୃନ୍ଦଙ୍କ ରଚିତ ନାଟକ ଗୁଡ଼ିକ ମଞ୍ଚସ୍ଥ କରାଯାଇ ଦେଖି ଆହୃତ

ତ ଚାରି ଦଶକ ଧରି ଓଡ଼ିଆ ମଂଚ ନାଟକ ଯେଉଁ ଦୁର୍ଦ୍ଦିନ ଓ ଦୁର୍ଭିକ୍ଷିତ ସଙ୍କୁଚିତ ହୋଇଛି , ତାହା ପ୍ରତ୍ୟେକ ନାଟ୍ୟକାର , ନାଟ୍ୟ କଳାକାର ତଥା ନାଟ୍ୟପ୍ରେମୀ ମାନଙ୍କ ଅନୁଭବ କରିବାର କଥା । ଏକଦା ଓଡ଼ିଶାର ପ୍ରତ୍ୟେକ ଗାଁ ଓ ସହରରେ ମଂଚ ନାଟକ ବେଶ୍ ଲୋକପ୍ରିୟ ଥିଲା ।

ହୋଇଥିଲା । ବର୍ତ୍ତମାନ ଏମାନଙ୍କର ଜଳନ ନାଟକ ଏବେ ଓଡ଼ିଶାର 'ଓଡ଼ିଶା' ନୃତ୍ୟର ଆଦର ରହିଛି ବୋଲି ମନେହୁଏ । ଏ ସମୟରେ ନାଟକ , ମଂଚ ନାଟକ ଗୁଡ଼ିକର ସମ୍ପୂର୍ଣ୍ଣ ଅବନତି ହୋଇ ମଞ୍ଚସ୍ଥ ହେଉଥିବା ନାଟକ ଗୁଡ଼ିକର ପରିବେଷଣରୁ ମନେ ହୁଏ ଦକ୍ଷିଣ ଓଡ଼ିଶା ନାଟ୍ୟ ପରମ୍ପରାକୁ ବଂଚାଇ ରଖିବାକୁ ସମର୍ଥ ହୋଇଛି ।

ଦେଖିବାକୁ ପାଉଛୁ । ସାମ୍ପ୍ରତିକ ପରିସ୍ଥିତିରେ ନାଟ୍ୟକାର ବୃନ୍ଦ ମଧ୍ୟ ପ୍ରଭୁତ ପରିମାଣରେ ହ୍ରାସ ପାଇଯାଉଛନ୍ତି । ଯେଉଁ କେତେକ ନୂଆ ନାଟ୍ୟକାର ଆସୁଛନ୍ତି ସେମାନଙ୍କ ରଚନାରେ ସେଭଳି ଗଭୀରତା ନାହିଁ ।

ଡ଼. ଭାରାଧର ସାହୁ
